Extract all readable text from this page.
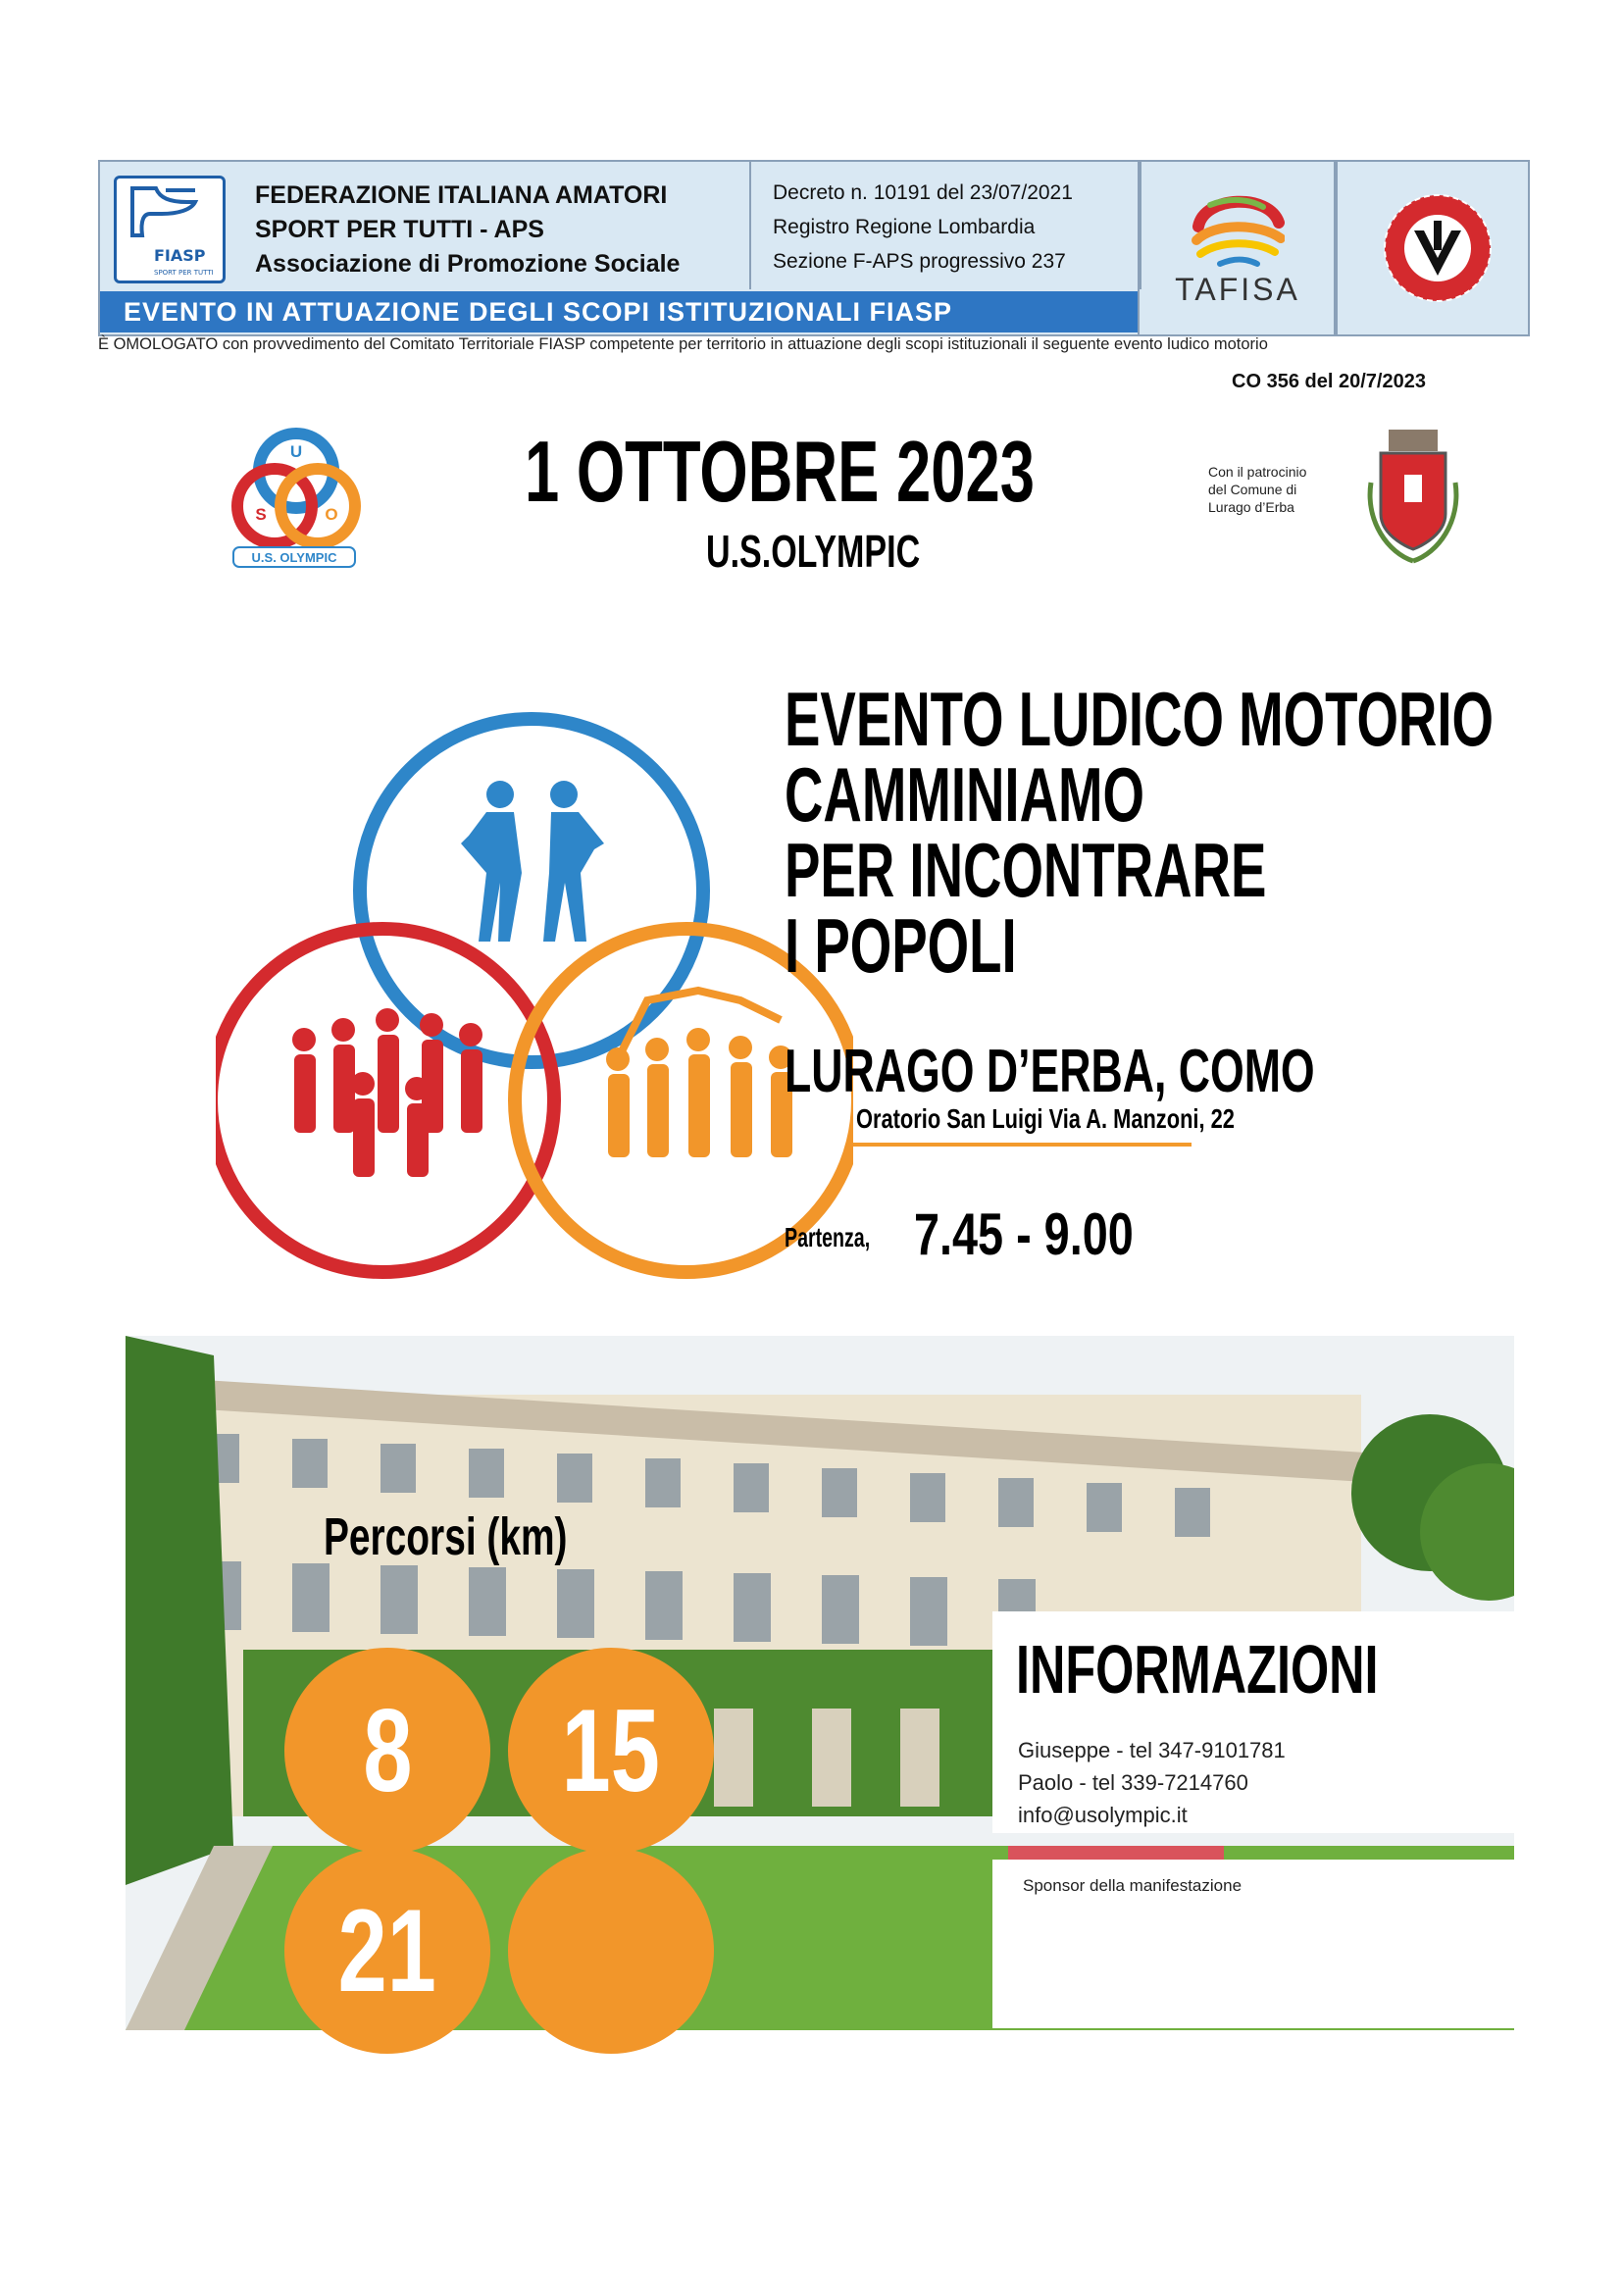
FIASP
SPORT PER TUTTI
FEDERAZIONE ITALIANA AMATORI
SPORT PER TUTTI - APS
Associazione di Promozione Sociale
Decreto n. 10191 del 23/07/2021
Registro Regione Lombardia
Sezione F-APS progressivo 237
EVENTO IN ATTUAZIONE DEGLI SCOPI ISTITUZIONALI FIASP
TAFISA
È OMOLOGATO con provvedimento del Comitato Territoriale FIASP competente per territorio in attuazione degli scopi istituzionali il seguente evento ludico motorio
CO 356 del 20/7/2023
U
S	O
U.S. OLYMPIC
1 OTTOBRE 2023
U.S.OLYMPIC
Con il patrocinio
del Comune di
Lurago d’Erba
EVENTO LUDICO MOTORIO
CAMMINIAMO
PER INCONTRARE
I POPOLI
LURAGO D’ERBA, COMO
Oratorio San Luigi Via A. Manzoni, 22
Partenza, 7.45 - 9.00
Percorsi (km)
8	15
21
INFORMAZIONI
Giuseppe - tel 347-9101781
Paolo - tel 339-7214760
info@usolympic.it
Sponsor della manifestazione
